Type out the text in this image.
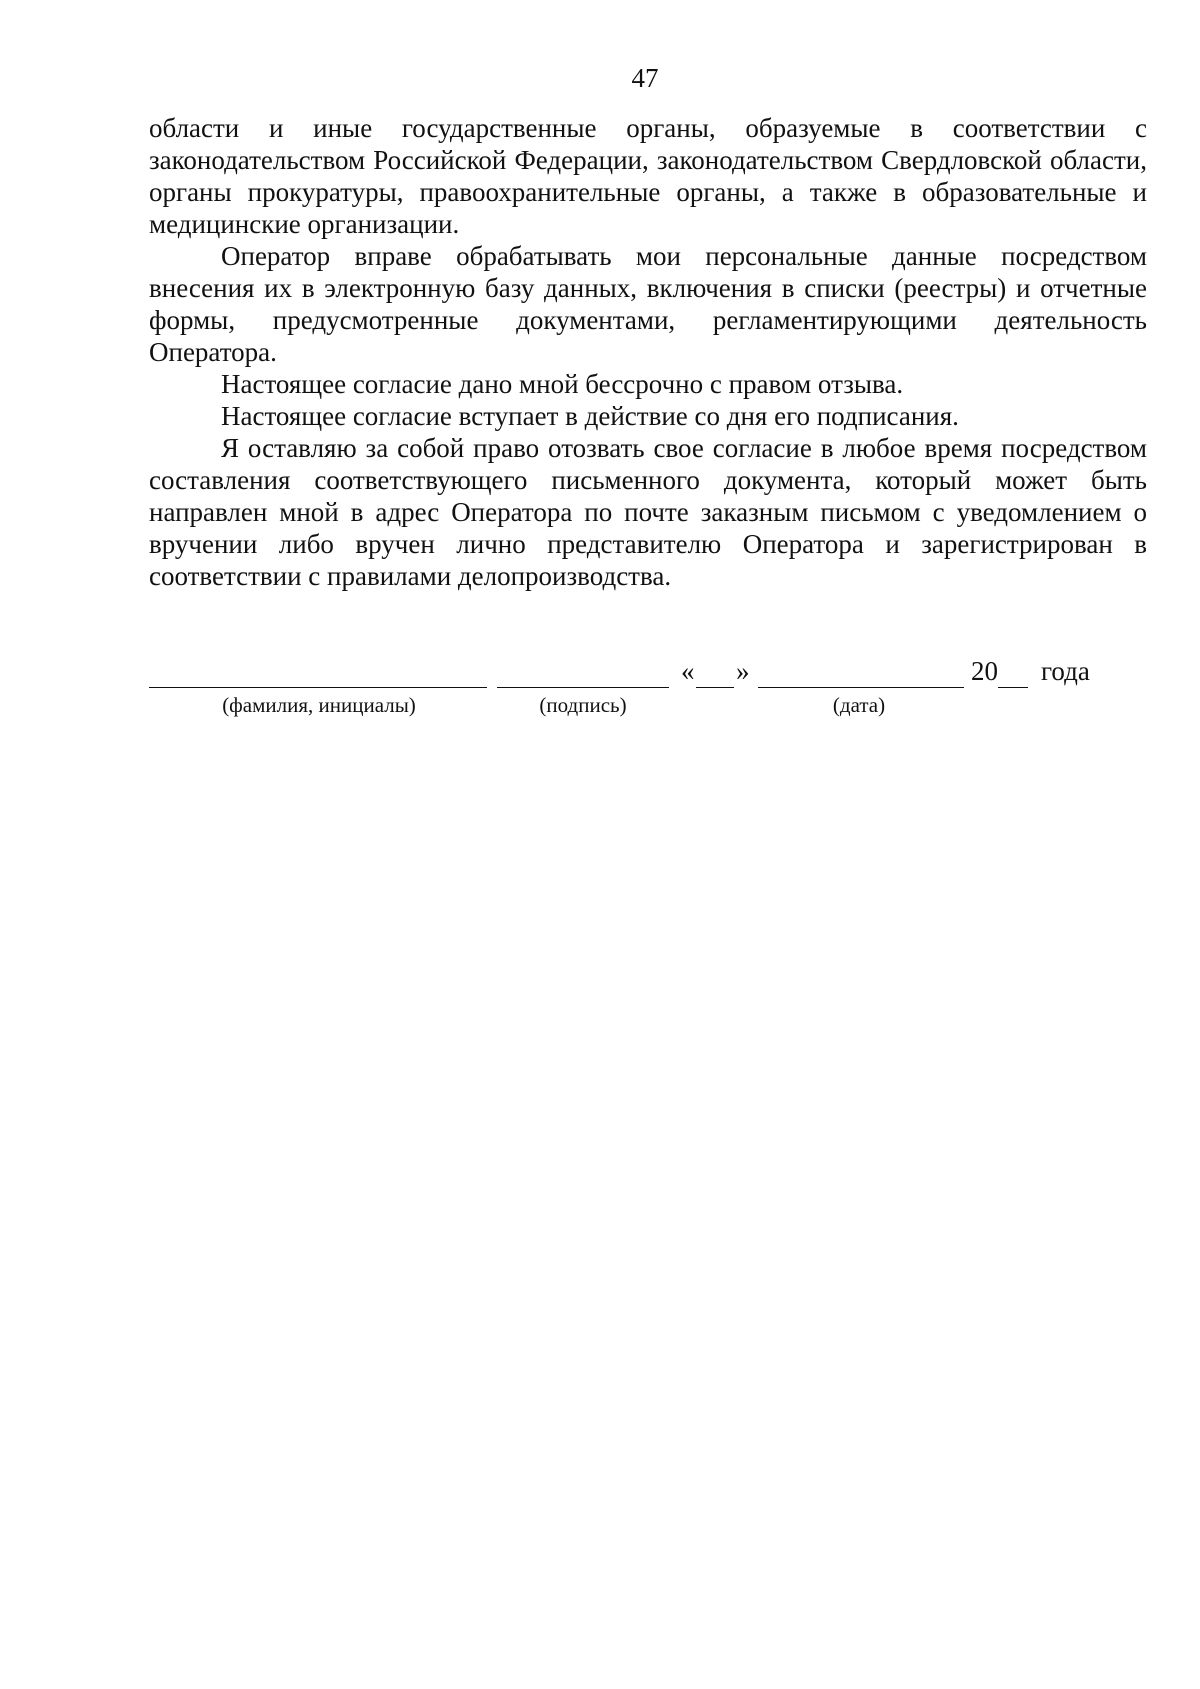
47

области и иные государственные органы, образуемые в соответствии с законодательством Российской Федерации, законодательством Свердловской области, органы прокуратуры, правоохранительные органы, а также в образовательные и медицинские организации.

Оператор вправе обрабатывать мои персональные данные посредством внесения их в электронную базу данных, включения в списки (реестры) и отчетные формы, предусмотренные документами, регламентирующими деятельность Оператора.

Настоящее согласие дано мной бессрочно с правом отзыва.

Настоящее согласие вступает в действие со дня его подписания.

Я оставляю за собой право отозвать свое согласие в любое время посредством составления соответствующего письменного документа, который может быть направлен мной в адрес Оператора по почте заказным письмом с уведомлением о вручении либо вручен лично представителю Оператора и зарегистрирован в соответствии с правилами делопроизводства.

« »	20 года
(фамилия, инициалы)	(подпись)	(дата)
